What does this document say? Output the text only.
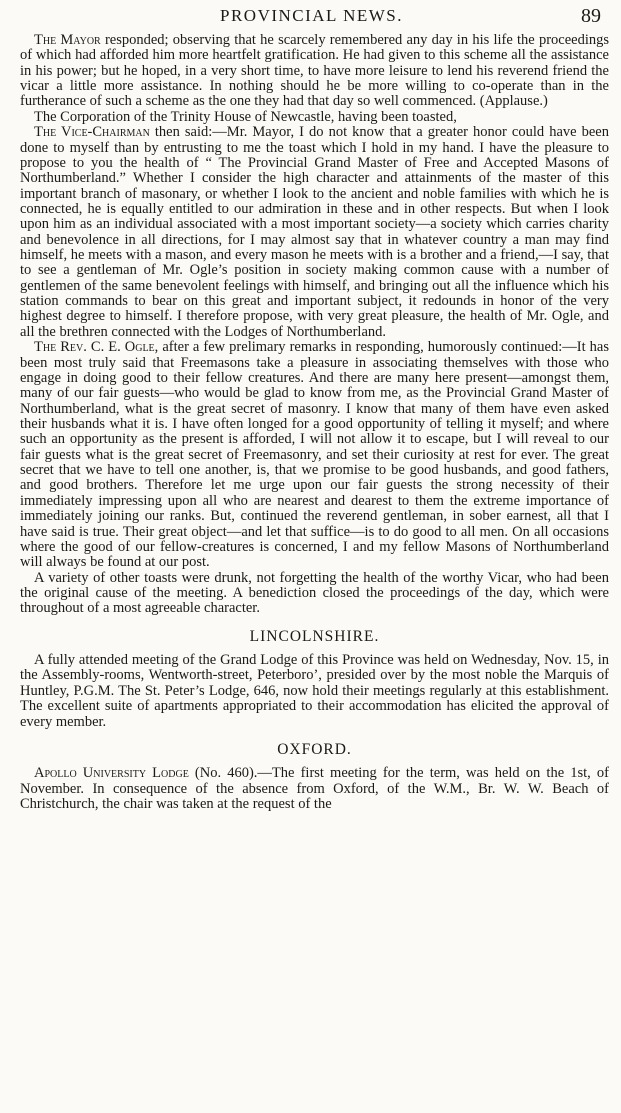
PROVINCIAL NEWS.	89

The Mayor responded; observing that he scarcely remembered any day in his life the proceedings of which had afforded him more heartfelt gratification. He had given to this scheme all the assistance in his power; but he hoped, in a very short time, to have more leisure to lend his reverend friend the vicar a little more assistance. In nothing should he be more willing to co-operate than in the furtherance of such a scheme as the one they had that day so well commenced. (Applause.)

The Corporation of the Trinity House of Newcastle, having been toasted,

The Vice-Chairman then said:—Mr. Mayor, I do not know that a greater honor could have been done to myself than by entrusting to me the toast which I hold in my hand. I have the pleasure to propose to you the health of “ The Provincial Grand Master of Free and Accepted Masons of Northumberland.” Whether I consider the high character and attainments of the master of this important branch of masonary, or whether I look to the ancient and noble families with which he is connected, he is equally entitled to our admiration in these and in other respects. But when I look upon him as an individual associated with a most important society—a society which carries charity and benevolence in all directions, for I may almost say that in whatever country a man may find himself, he meets with a mason, and every mason he meets with is a brother and a friend,—I say, that to see a gentleman of Mr. Ogle’s position in society making common cause with a number of gentlemen of the same benevolent feelings with himself, and bringing out all the influence which his station commands to bear on this great and important subject, it redounds in honor of the very highest degree to himself. I therefore propose, with very great pleasure, the health of Mr. Ogle, and all the brethren connected with the Lodges of Northumberland.

The Rev. C. E. Ogle, after a few prelimary remarks in responding, humorously continued:—It has been most truly said that Freemasons take a pleasure in associating themselves with those who engage in doing good to their fellow creatures. And there are many here present—amongst them, many of our fair guests—who would be glad to know from me, as the Provincial Grand Master of Northumberland, what is the great secret of masonry. I know that many of them have even asked their husbands what it is. I have often longed for a good opportunity of telling it myself; and where such an opportunity as the present is afforded, I will not allow it to escape, but I will reveal to our fair guests what is the great secret of Freemasonry, and set their curiosity at rest for ever. The great secret that we have to tell one another, is, that we promise to be good husbands, and good fathers, and good brothers. Therefore let me urge upon our fair guests the strong necessity of their immediately impressing upon all who are nearest and dearest to them the extreme importance of immediately joining our ranks. But, continued the reverend gentleman, in sober earnest, all that I have said is true. Their great object—and let that suffice—is to do good to all men. On all occasions where the good of our fellow-creatures is concerned, I and my fellow Masons of Northumberland will always be found at our post.

A variety of other toasts were drunk, not forgetting the health of the worthy Vicar, who had been the original cause of the meeting. A benediction closed the proceedings of the day, which were throughout of a most agreeable character.

LINCOLNSHIRE.

A fully attended meeting of the Grand Lodge of this Province was held on Wednesday, Nov. 15, in the Assembly-rooms, Wentworth-street, Peterboro’, presided over by the most noble the Marquis of Huntley, P.G.M. The St. Peter’s Lodge, 646, now hold their meetings regularly at this establishment. The excellent suite of apartments appropriated to their accommodation has elicited the approval of every member.

OXFORD.

Apollo University Lodge (No. 460).—The first meeting for the term, was held on the 1st, of November. In consequence of the absence from Oxford, of the W.M., Br. W. W. Beach of Christchurch, the chair was taken at the request of the
